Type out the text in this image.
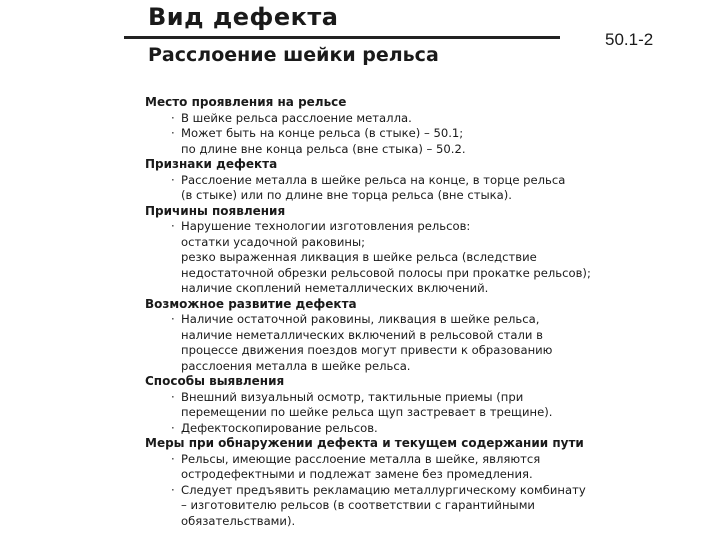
Вид дефекта
Расслоение шейки рельса
50.1-2
Место проявления на рельсе
· В шейке рельса расслоение металла.
· Может быть на конце рельса (в стыке) – 50.1;
по длине вне конца рельса (вне стыка) – 50.2.
Признаки дефекта
· Расслоение металла в шейке рельса на конце, в торце рельса
(в стыке) или по длине вне торца рельса (вне стыка).
Причины появления
· Нарушение технологии изготовления рельсов:
остатки усадочной раковины;
резко выраженная ликвация в шейке рельса (вследствие
недостаточной обрезки рельсовой полосы при прокатке рельсов);
наличие скоплений неметаллических включений.
Возможное развитие дефекта
· Наличие остаточной раковины, ликвация в шейке рельса,
наличие неметаллических включений в рельсовой стали в
процессе движения поездов могут привести к образованию
расслоения металла в шейке рельса.
Способы выявления
· Внешний визуальный осмотр, тактильные приемы (при
перемещении по шейке рельса щуп застревает в трещине).
· Дефектоскопирование рельсов.
Меры при обнаружении дефекта и текущем содержании пути
· Рельсы, имеющие расслоение металла в шейке, являются
остродефектными и подлежат замене без промедления.
· Следует предъявить рекламацию металлургическому комбинату
– изготовителю рельсов (в соответствии с гарантийными
обязательствами).
